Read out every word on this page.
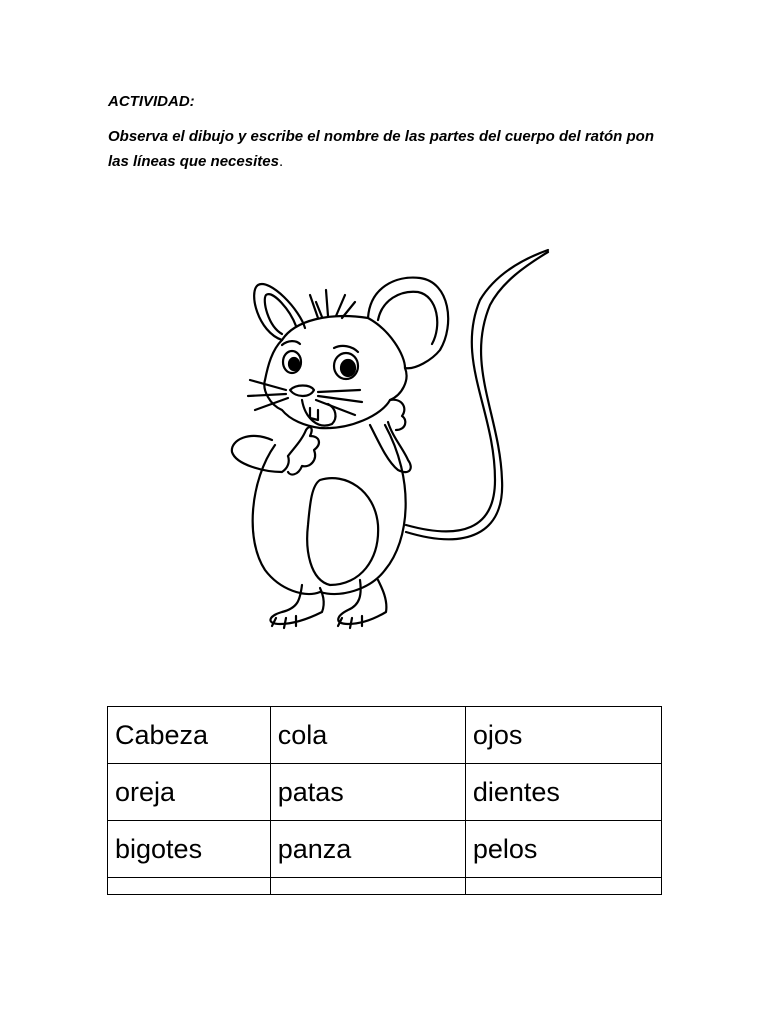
ACTIVIDAD:

Observa el dibujo y escribe el nombre de las partes del cuerpo del ratón pon las líneas que necesites.

Cabeza	cola	ojos
oreja	patas	dientes
bigotes	panza	pelos
